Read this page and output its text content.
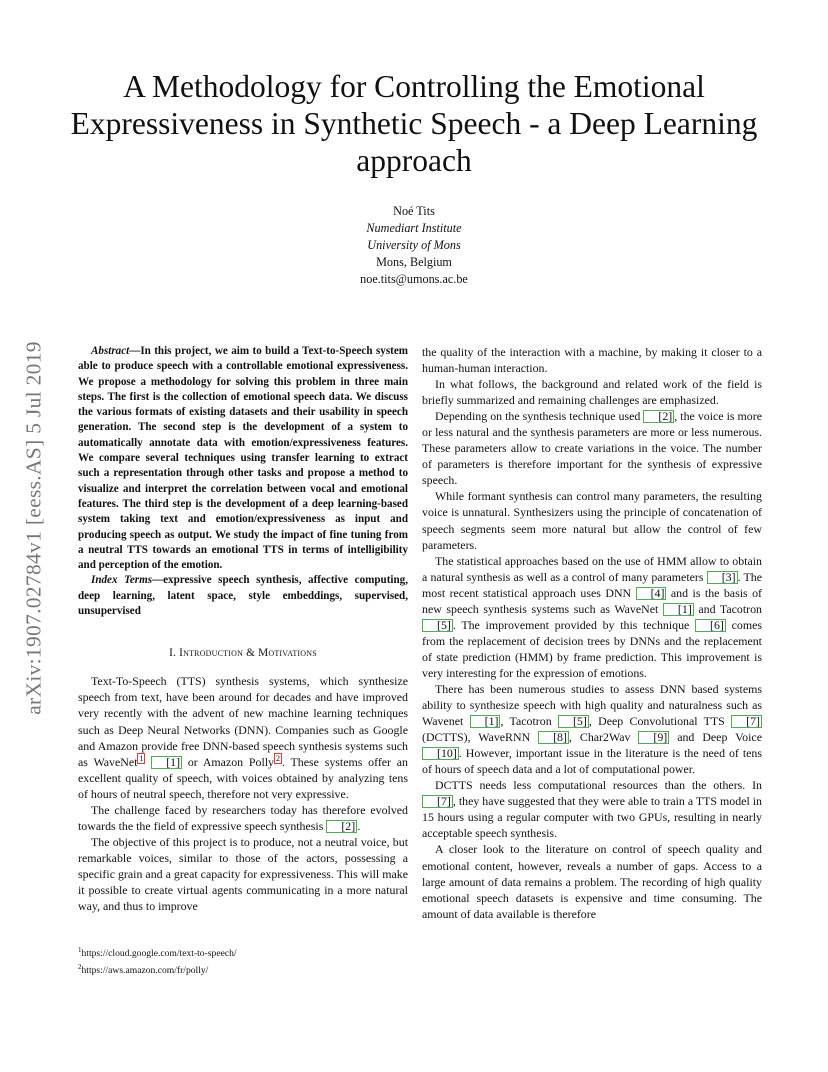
A Methodology for Controlling the Emotional Expressiveness in Synthetic Speech - a Deep Learning approach
Noé Tits
Numediart Institute
University of Mons
Mons, Belgium
noe.tits@umons.ac.be
arXiv:1907.02784v1 [eess.AS] 5 Jul 2019	Abstract—In this project, we aim to build a Text-to-Speech system able to produce speech with a controllable emotional expressiveness. We propose a methodology for solving this problem in three main steps. The first is the collection of emotional speech data. We discuss the various formats of existing datasets and their usability in speech generation. The second step is the development of a system to automatically annotate data with emotion/expressiveness features. We compare several techniques using transfer learning to extract such a representation through other tasks and propose a method to visualize and interpret the correlation between vocal and emotional features. The third step is the development of a deep learning-based system taking text and emotion/expressiveness as input and producing speech as output. We study the impact of fine tuning from a neutral TTS towards an emotional TTS in terms of intelligibility and perception of the emotion.

Index Terms—expressive speech synthesis, affective computing, deep learning, latent space, style embeddings, supervised, unsupervised

I. Introduction & Motivations

Text-To-Speech (TTS) synthesis systems, which synthesize speech from text, have been around for decades and have improved very recently with the advent of new machine learning techniques such as Deep Neural Networks (DNN). Companies such as Google and Amazon provide free DNN-based speech synthesis systems such as WaveNet $^1$ [1] or Amazon Polly $^2$ . These systems offer an excellent quality of speech, with voices obtained by analyzing tens of hours of neutral speech, therefore not very expressive.

The challenge faced by researchers today has therefore evolved towards the the field of expressive speech synthesis [2] .

The objective of this project is to produce, not a neutral voice, but remarkable voices, similar to those of the actors, possessing a specific grain and a great capacity for expressiveness. This will make it possible to create virtual agents communicating in a more natural way, and thus to improve

the quality of the interaction with a machine, by making it closer to a human-human interaction.

In what follows, the background and related work of the field is briefly summarized and remaining challenges are emphasized.

Depending on the synthesis technique used [2] , the voice is more or less natural and the synthesis parameters are more or less numerous. These parameters allow to create variations in the voice. The number of parameters is therefore important for the synthesis of expressive speech.

While formant synthesis can control many parameters, the resulting voice is unnatural. Synthesizers using the principle of concatenation of speech segments seem more natural but allow the control of few parameters.

The statistical approaches based on the use of HMM allow to obtain a natural synthesis as well as a control of many parameters [3] . The most recent statistical approach uses DNN [4] and is the basis of new speech synthesis systems such as WaveNet [1] and Tacotron [5] . The improvement provided by this technique [6] comes from the replacement of decision trees by DNNs and the replacement of state prediction (HMM) by frame prediction. This improvement is very interesting for the expression of emotions.

There has been numerous studies to assess DNN based systems ability to synthesize speech with high quality and naturalness such as Wavenet [1] , Tacotron [5] , Deep Convolutional TTS [7] (DCTTS), WaveRNN [8] , Char2Wav [9] and Deep Voice [10] . However, important issue in the literature is the need of tens of hours of speech data and a lot of computational power.

DCTTS needs less computational resources than the others. In [7] , they have suggested that they were able to train a TTS model in 15 hours using a regular computer with two GPUs, resulting in nearly acceptable speech synthesis.

A closer look to the literature on control of speech quality and emotional content, however, reveals a number of gaps. Access to a large amount of data remains a problem. The recording of high quality emotional speech datasets is expensive and time consuming. The amount of data available is therefore

$^1$https://cloud.google.com/text-to-speech/
$^2$https://aws.amazon.com/fr/polly/
